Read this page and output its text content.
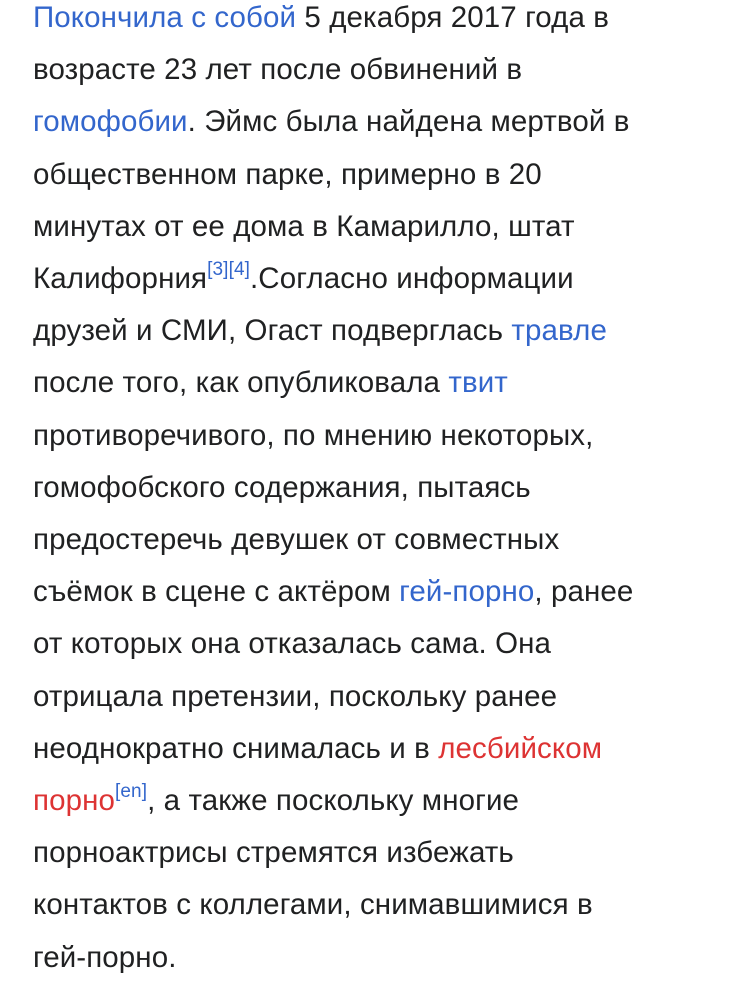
Покончила с собой 5 декабря 2017 года в
возрасте 23 лет после обвинений в
гомофобии. Эймс была найдена мертвой в
общественном парке, примерно в 20
минутах от ее дома в Камарилло, штат
Калифорния[3][4].Согласно информации
друзей и СМИ, Огаст подверглась травле
после того, как опубликовала твит
противоречивого, по мнению некоторых,
гомофобского содержания, пытаясь
предостеречь девушек от совместных
съёмок в сцене с актёром гей-порно, ранее
от которых она отказалась сама. Она
отрицала претензии, поскольку ранее
неоднократно снималась и в лесбийском
порно[en], а также поскольку многие
порноактрисы стремятся избежать
контактов с коллегами, снимавшимися в
гей-порно.
